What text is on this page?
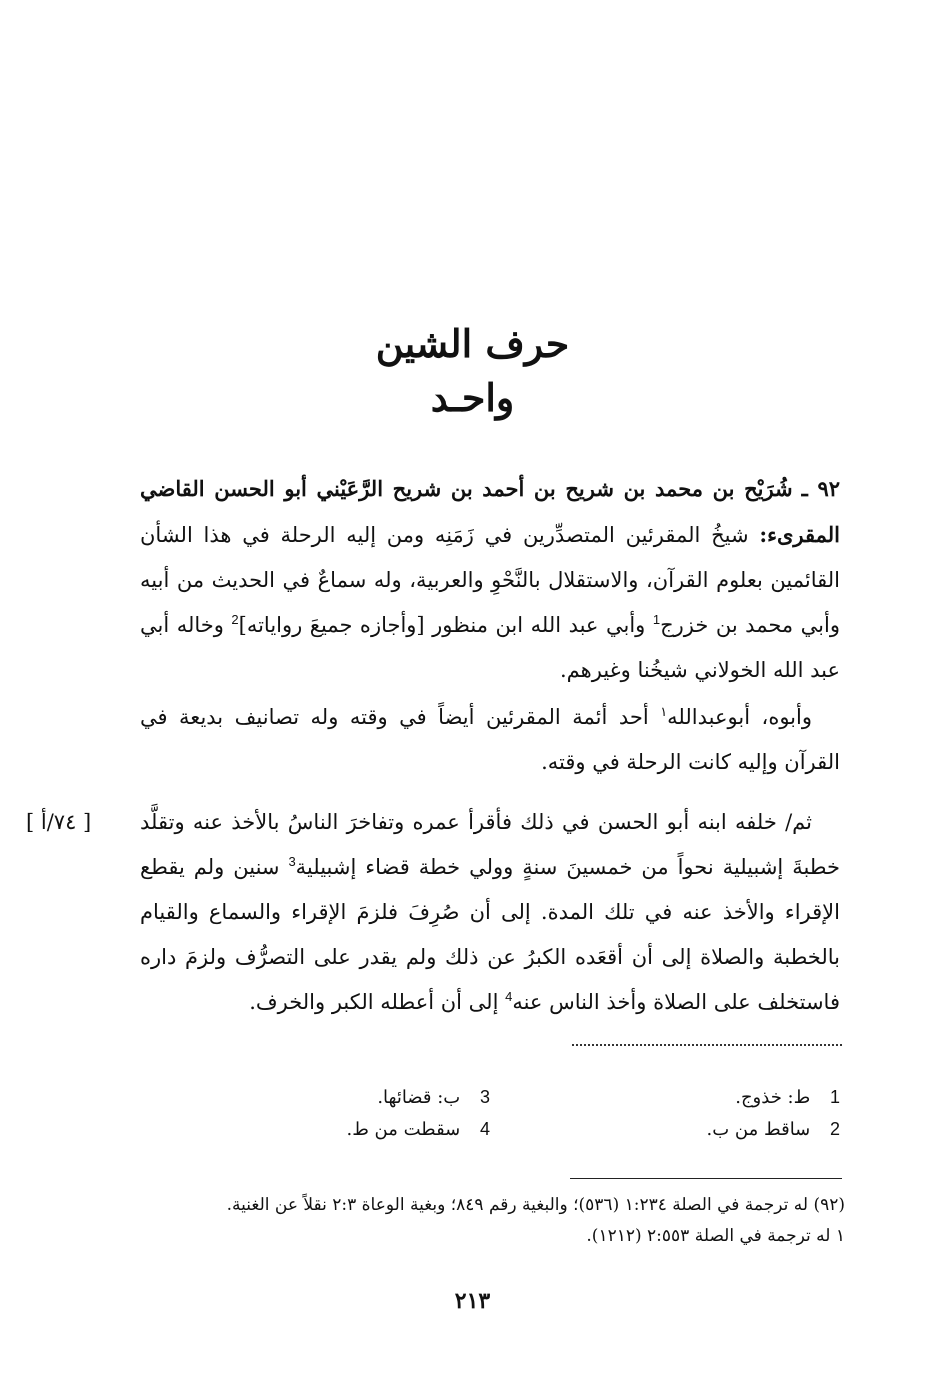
حرف الشين
واحـد
٩٢ ـ شُرَيْح بن محمد بن شريح بن أحمد بن شريح الرَّعَيْني أبو الحسن القاضي المقرىء: شيخُ المقرئين المتصدِّرين في زَمَنِه ومن إليه الرحلة في هذا الشأن القائمين بعلوم القرآن، والاستقلال بالنَّحْوِ والعربية، وله سماعٌ في الحديث من أبيه وأبي محمد بن خزرج$^1$ وأبي عبد الله ابن منظور [وأجازه جميعَ رواياته]$^2$ وخاله أبي عبد الله الخولاني شيخُنا وغيرهم.
وأبوه، أبوعبدالله$^١$ أحد أئمة المقرئين أيضاً في وقته وله تصانيف بديعة في القرآن وإليه كانت الرحلة في وقته.
ثم/ خلفه ابنه أبو الحسن في ذلك فأقرأ عمره وتفاخرَ الناسُ بالأخذ عنه وتقلَّد خطبةَ إشبيلية نحواً من خمسينَ سنةٍ وولي خطة قضاء إشبيلية$^3$ سنين ولم يقطع الإقراء والأخذ عنه في تلك المدة. إلى أن صُرِفَ فلزمَ الإقراء والسماع والقيام بالخطبة والصلاة إلى أن أقعَده الكبرُ عن ذلك ولم يقدر على التصرُّف ولزمَ داره فاستخلف على الصلاة وأخذ الناس عنه$^4$ إلى أن أعطله الكبر والخرف.
[ ٧٤/أ ]
1 ط: خذوج.
2 ساقط من ب.
3 ب: قضائها.
4 سقطت من ط.
(٩٢) له ترجمة في الصلة ١:٢٣٤ (٥٣٦)؛ والبغية رقم ٨٤٩؛ وبغية الوعاة ٢:٣ نقلاً عن الغنية.
١ له ترجمة في الصلة ٢:٥٥٣ (١٢١٢).
٢١٣
